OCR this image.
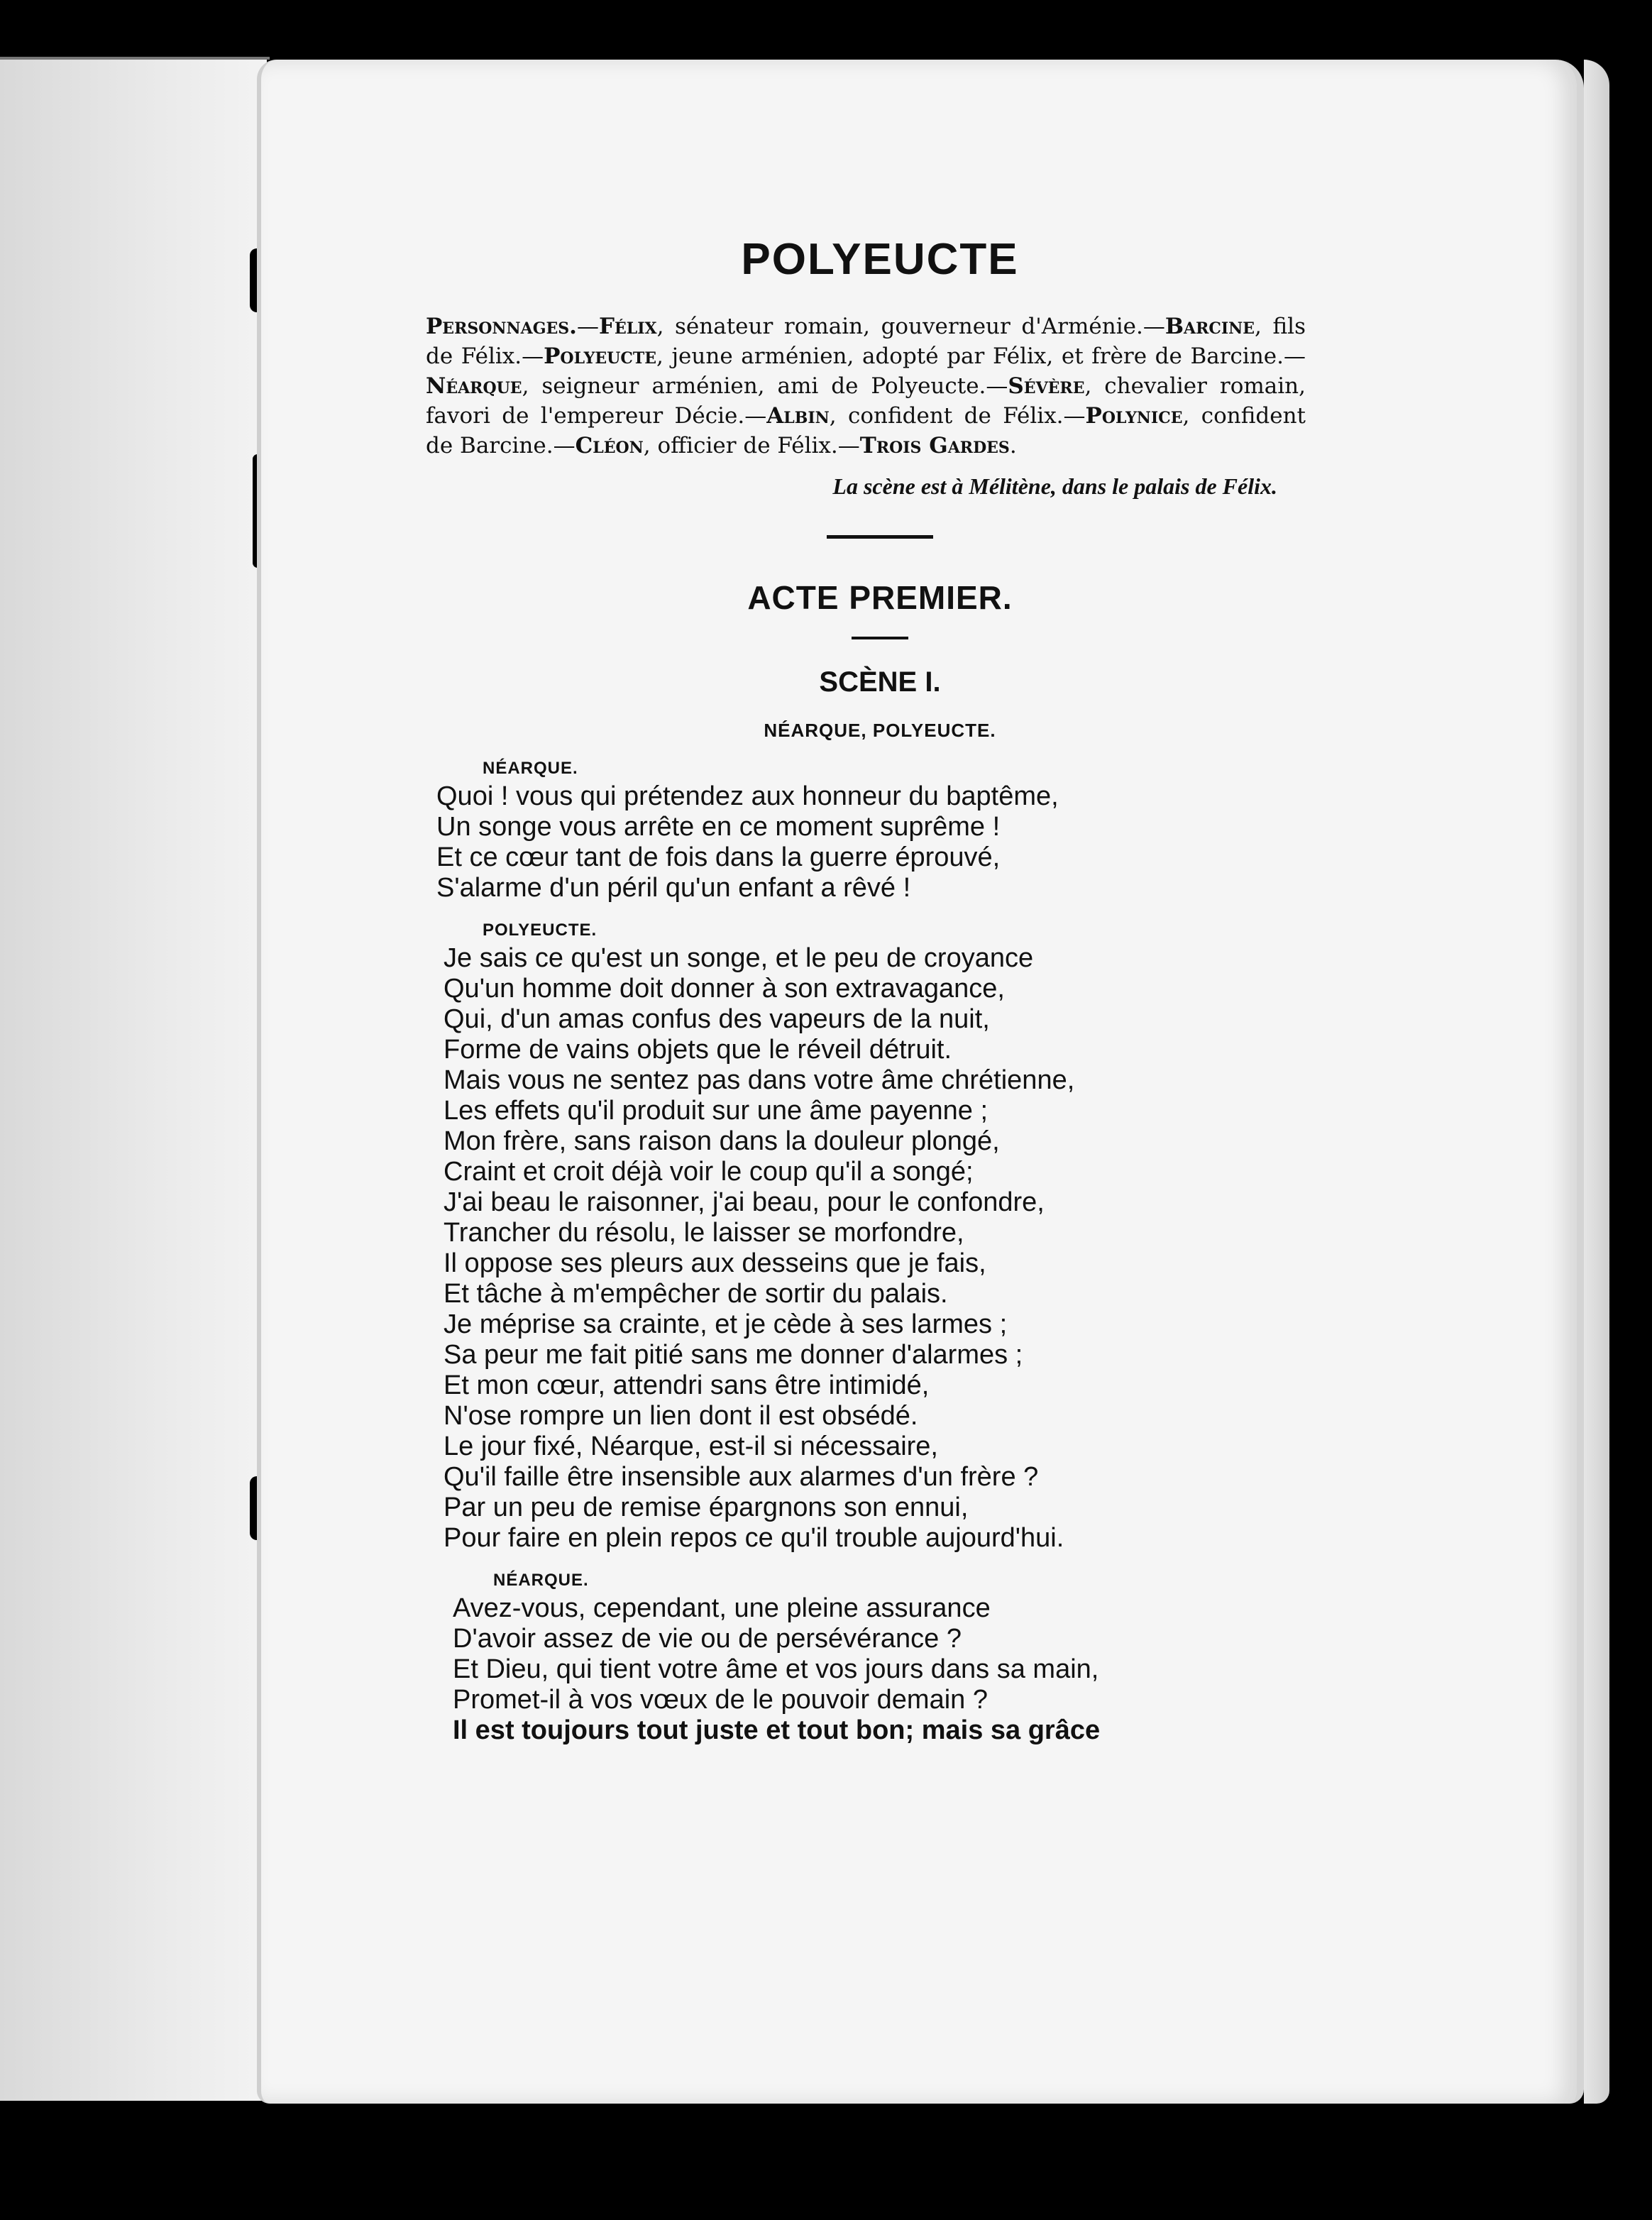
POLYEUCTE

Personnages.—Félix, sénateur romain, gouverneur d'Arménie.—Barcine, fils de Félix.—Polyeucte, jeune arménien, adopté par Félix, et frère de Barcine.—Néarque, seigneur arménien, ami de Polyeucte.—Sévère, chevalier romain, favori de l'empereur Décie.—Albin, confident de Félix.—Polynice, confident de Barcine.—Cléon, officier de Félix.—Trois Gardes.

La scène est à Mélitène, dans le palais de Félix.

ACTE PREMIER.
SCÈNE I.
NÉARQUE, POLYEUCTE.
NÉARQUE.
Quoi ! vous qui prétendez aux honneur du baptême,
Un songe vous arrête en ce moment suprême !
Et ce cœur tant de fois dans la guerre éprouvé,
S'alarme d'un péril qu'un enfant a rêvé !
POLYEUCTE.
Je sais ce qu'est un songe, et le peu de croyance
Qu'un homme doit donner à son extravagance,
Qui, d'un amas confus des vapeurs de la nuit,
Forme de vains objets que le réveil détruit.
Mais vous ne sentez pas dans votre âme chrétienne,
Les effets qu'il produit sur une âme payenne ;
Mon frère, sans raison dans la douleur plongé,
Craint et croit déjà voir le coup qu'il a songé;
J'ai beau le raisonner, j'ai beau, pour le confondre,
Trancher du résolu, le laisser se morfondre,
Il oppose ses pleurs aux desseins que je fais,
Et tâche à m'empêcher de sortir du palais.
Je méprise sa crainte, et je cède à ses larmes ;
Sa peur me fait pitié sans me donner d'alarmes ;
Et mon cœur, attendri sans être intimidé,
N'ose rompre un lien dont il est obsédé.
Le jour fixé, Néarque, est-il si nécessaire,
Qu'il faille être insensible aux alarmes d'un frère ?
Par un peu de remise épargnons son ennui,
Pour faire en plein repos ce qu'il trouble aujourd'hui.
NÉARQUE.
Avez-vous, cependant, une pleine assurance
D'avoir assez de vie ou de persévérance ?
Et Dieu, qui tient votre âme et vos jours dans sa main,
Promet-il à vos vœux de le pouvoir demain ?
Il est toujours tout juste et tout bon; mais sa grâce
